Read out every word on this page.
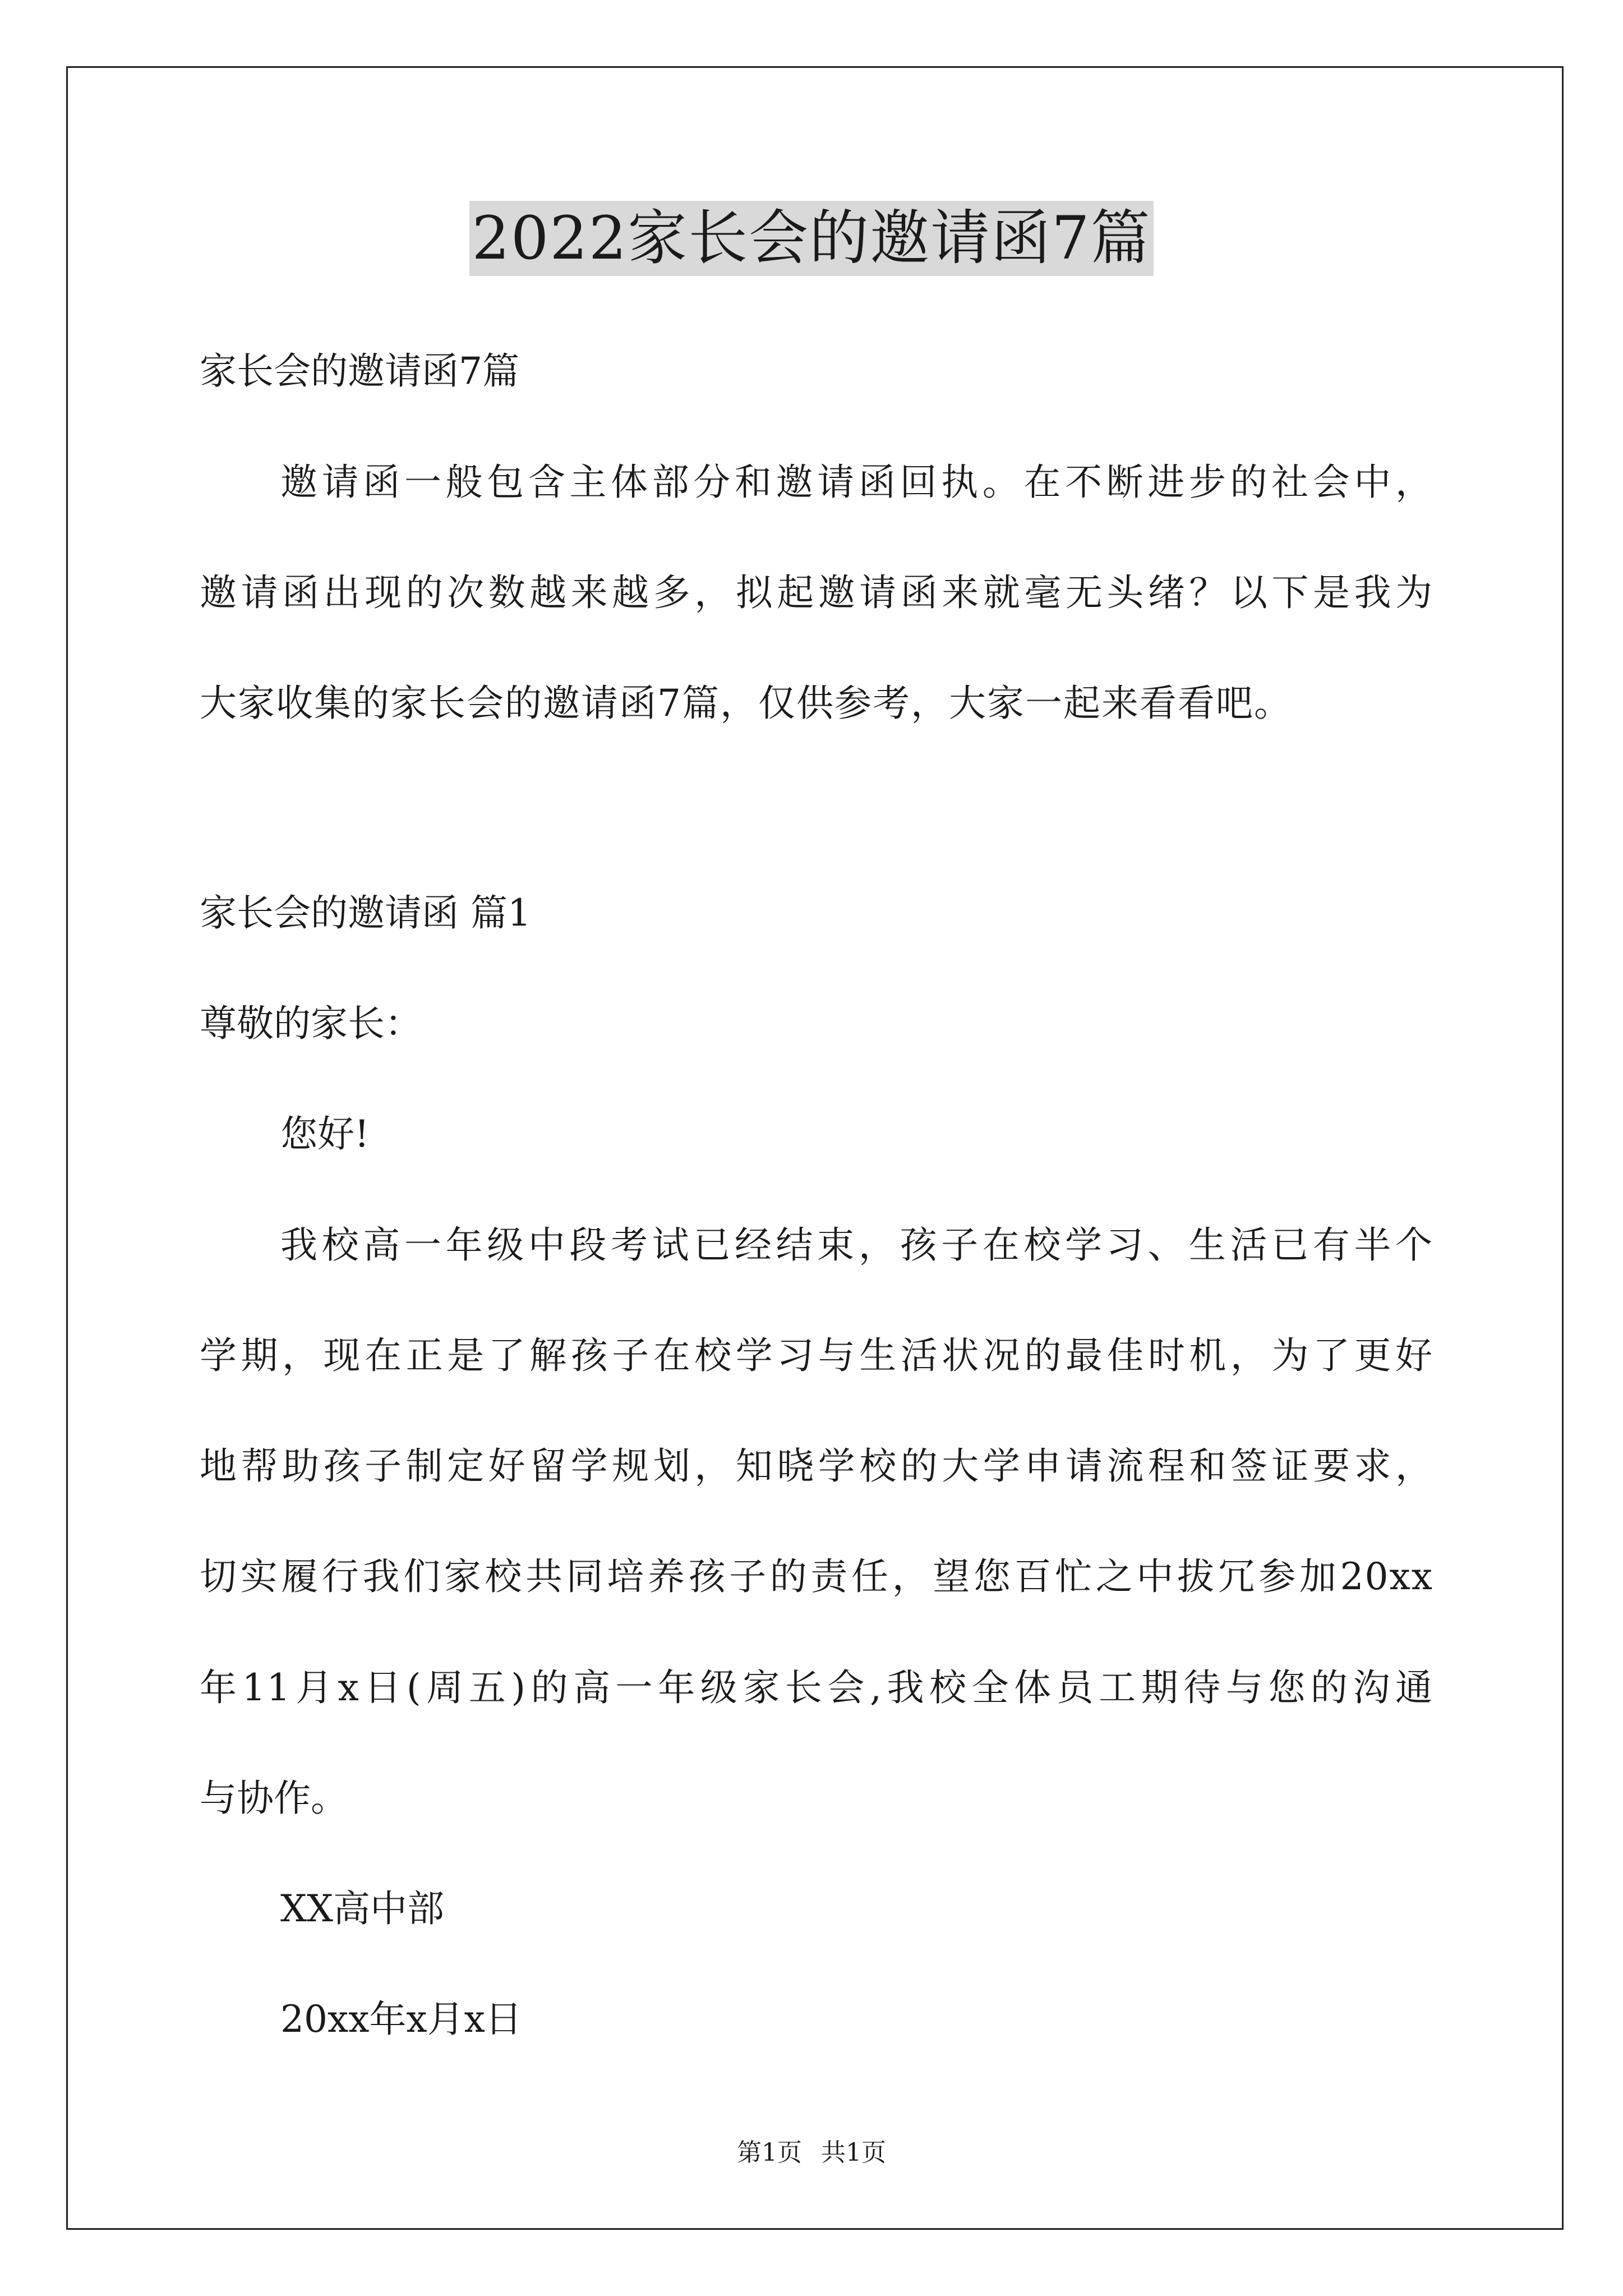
2022家长会的邀请函7篇
家长会的邀请函7篇
邀请函一般包含主体部分和邀请函回执。在不断进步的社会中，
邀请函出现的次数越来越多，拟起邀请函来就毫无头绪？以下是我为
大家收集的家长会的邀请函7篇，仅供参考，大家一起来看看吧。
家长会的邀请函 篇1
尊敬的家长：
您好!
我校高一年级中段考试已经结束，孩子在校学习、生活已有半个
学期，现在正是了解孩子在校学习与生活状况的最佳时机，为了更好
地帮助孩子制定好留学规划，知晓学校的大学申请流程和签证要求，
切实履行我们家校共同培养孩子的责任，望您百忙之中拔冗参加20xx
年11月x日(周五)的高一年级家长会,我校全体员工期待与您的沟通
与协作。
XX高中部
20xx年x月x日
第1页 共1页
